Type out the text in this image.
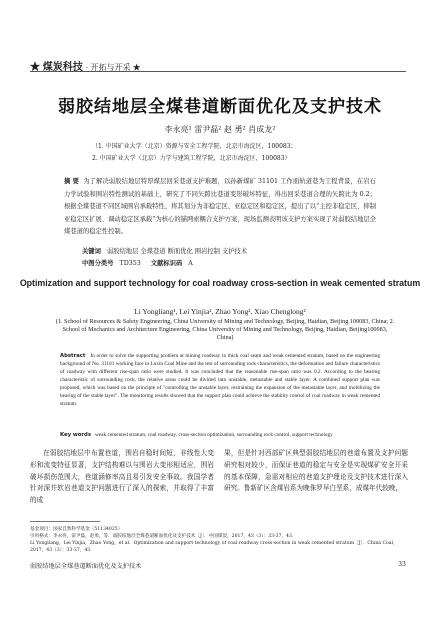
★ 煤炭科技 · 开拓与开采 ★
弱胶结地层全煤巷道断面优化及支护技术
李永亮¹ 雷尹磊² 赵 勇² 肖成龙²
（1. 中国矿业大学（北京）资源与安全工程学院，北京市海淀区，100083；
2. 中国矿业大学（北京）力学与建筑工程学院，北京市海淀区，100083）
摘 要 为了解决弱胶结地层特厚煤层回采巷道支护难题，以孙新煤矿 31101 工作面轨道巷为工程背景，在岩石力学试验和围岩特性测试的基础上，研究了不同矢跨比巷道变形破坏特征，得出回采巷道合理的矢跨比为 0.2；根据全煤巷道不同区域围岩承载特性，将其划分为非稳定区、亚稳定区和稳定区，提出了以“主控非稳定区、抑制亚稳定区扩展、调动稳定区承载”为核心的锚网索耦合支护方案，现场监测表明该支护方案实现了对弱胶结地层全煤巷道的稳定性控制。
关键词 弱胶结地层 全煤巷道 断面优化 围岩控制 支护技术
中图分类号 TD353 文献标识码 A
Optimization and support technology for coal roadway cross-section in weak cemented stratum
Li Yongliang¹, Lei Yinjia², Zhao Yong², Xiao Chenglong²
(1. School of Resources & Safety Engineering, China University of Mining and Technology, Beijing, Haidian, Beijing 100083, China; 2. School of Mechanics and Architecture Engineering, China University of Mining and Technology, Beijing, Haidian, Beijing100083, China)
Abstract In order to solve the supporting problem at mining roadway in thick coal seam and weak cemented stratum, based on the engineering background of No. 31101 working face in Luxin Coal Mine and the test of surrounding rock characteristics, the deformation and failure characteristics of roadway with different rise-span ratio were studied. It was concluded that the reasonable rise-span ratio was 0.2. According to the bearing characteristic of surrounding rock, the relative areas could be divided into unstable, metastable and stable layer. A combined support plan was proposed, which was based on the principle of "controlling the unstable layer, restraining the expansion of the metastable layer, and mobilizing the bearing of the stable layer". The monitoring results showed that the support plan could achieve the stability control of coal roadway in weak cemented stratum.
Key words weak cemented stratum, coal roadway, cross-section optimization, surrounding rock control, support technology
在弱胶结地层中布置巷道，围岩自稳时间短，非线性大变形和流变特征显著，支护结构难以与围岩大变形相适应，围岩破坏损伤范围大，巷道涵修率高且易引发安全事故。我国学者针对深井软岩巷道支护问题进行了深入的探索，并取得了丰富的成
果，但是针对西部矿区典型弱胶结地层的巷道布置及支护问题研究相对较少，而保证巷道的稳定与安全是实现煤矿安全开采的基本保障，急需对相应的巷道支护理论及支护技术进行深入研究。鲁新矿区含煤岩系为晚侏罗早白垩系，成煤年代较晚，
基金项目：国家自然科学基金（51134025）
引用格式：李永亮，雷尹磊，赵勇，等．弱胶结地层全煤巷道断面优化及支护技术［J］．中国煤炭，2017，43（3）：33-37，43．
Li Yongliang，Lei Yinjia，Zhao Yong，et al．Optimization and support technology of coal roadway cross-section in weak cemented stratum［J］．China Coal，2017，43（3）：33-37，43．
弱胶结地层全煤巷道断面优化及支护技术	33
